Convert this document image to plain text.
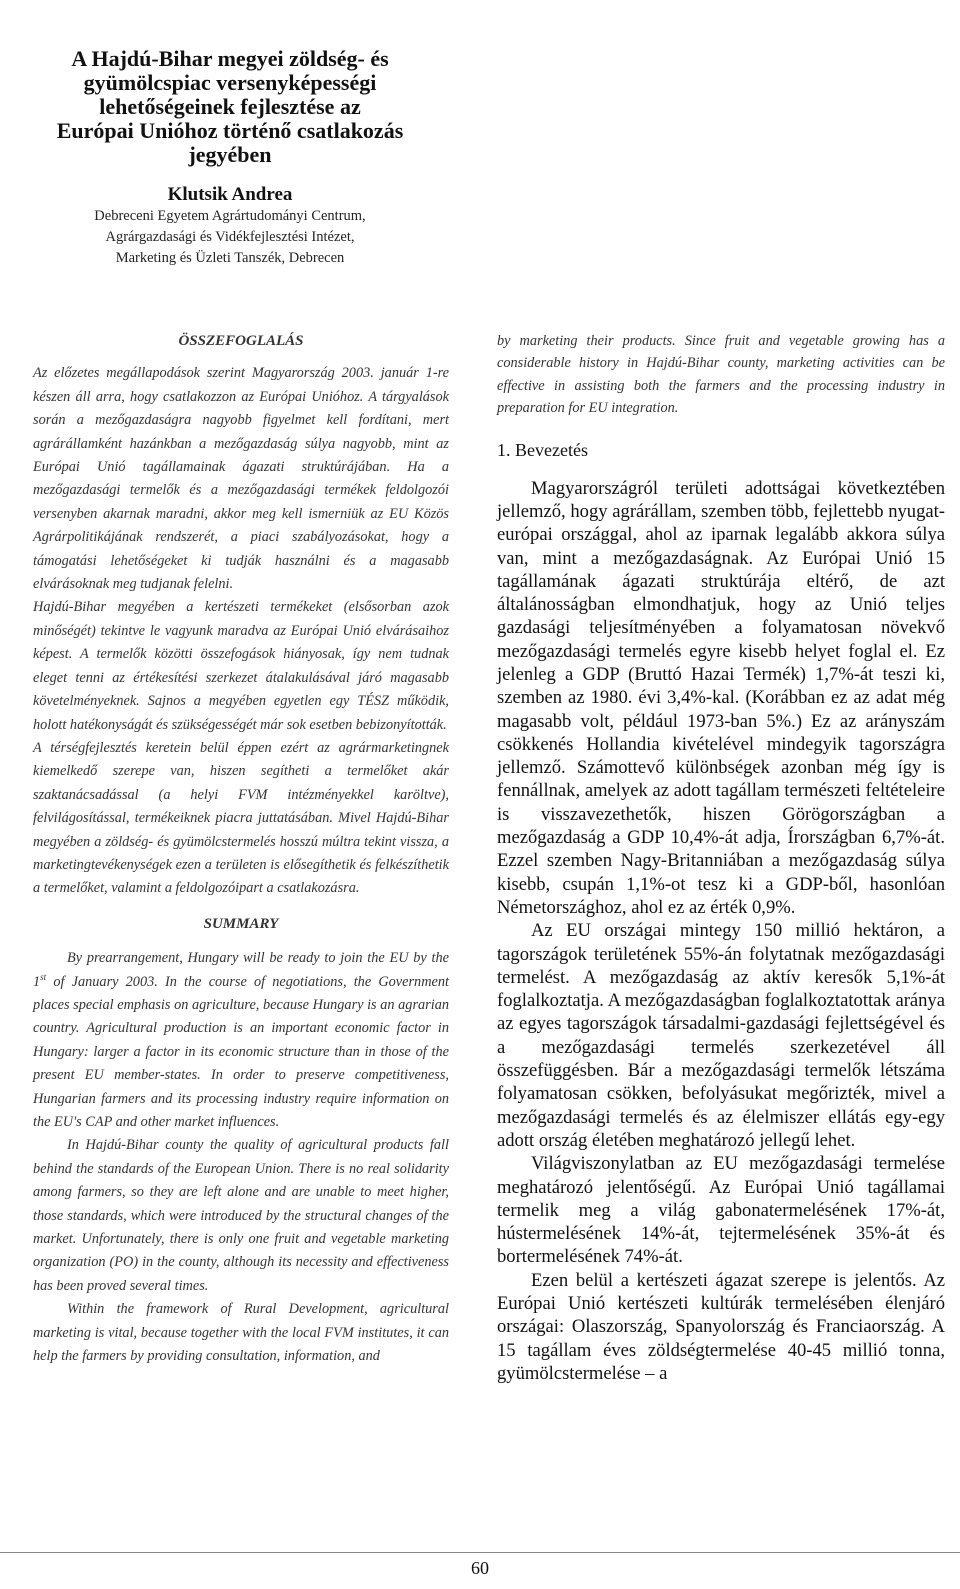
A Hajdú-Bihar megyei zöldség- és
gyümölcspiac versenyképességi
lehetőségeinek fejlesztése az
Európai Unióhoz történő csatlakozás
jegyében
Klutsik Andrea
Debreceni Egyetem Agrártudományi Centrum,
Agrárgazdasági és Vidékfejlesztési Intézet,
Marketing és Üzleti Tanszék, Debrecen
ÖSSZEFOGLALÁS

Az előzetes megállapodások szerint Magyarország 2003. január 1-re készen áll arra, hogy csatlakozzon az Európai Unióhoz. A tárgyalások során a mezőgazdaságra nagyobb figyelmet kell fordítani, mert agrárállamként hazánkban a mezőgazdaság súlya nagyobb, mint az Európai Unió tagállamainak ágazati struktúrájában. Ha a mezőgazdasági termelők és a mezőgazdasági termékek feldolgozói versenyben akarnak maradni, akkor meg kell ismerniük az EU Közös Agrárpolitikájának rendszerét, a piaci szabályozásokat, hogy a támogatási lehetőségeket ki tudják használni és a magasabb elvárásoknak meg tudjanak felelni.

Hajdú-Bihar megyében a kertészeti termékeket (elsősorban azok minőségét) tekintve le vagyunk maradva az Európai Unió elvárásaihoz képest. A termelők közötti összefogások hiányosak, így nem tudnak eleget tenni az értékesítési szerkezet átalakulásával járó magasabb követelményeknek. Sajnos a megyében egyetlen egy TÉSZ működik, holott hatékonyságát és szükségességét már sok esetben bebizonyították.

A térségfejlesztés keretein belül éppen ezért az agrármarketingnek kiemelkedő szerepe van, hiszen segítheti a termelőket akár szaktanácsadással (a helyi FVM intézményekkel karöltve), felvilágosítással, termékeiknek piacra juttatásában. Mivel Hajdú-Bihar megyében a zöldség- és gyümölcstermelés hosszú múltra tekint vissza, a marketingtevékenységek ezen a területen is elősegíthetik és felkészíthetik a termelőket, valamint a feldolgozóipart a csatlakozásra.

SUMMARY

By prearrangement, Hungary will be ready to join the EU by the 1st of January 2003. In the course of negotiations, the Government places special emphasis on agriculture, because Hungary is an agrarian country. Agricultural production is an important economic factor in Hungary: larger a factor in its economic structure than in those of the present EU member-states. In order to preserve competitiveness, Hungarian farmers and its processing industry require information on the EU's CAP and other market influences.

In Hajdú-Bihar county the quality of agricultural products fall behind the standards of the European Union. There is no real solidarity among farmers, so they are left alone and are unable to meet higher, those standards, which were introduced by the structural changes of the market. Unfortunately, there is only one fruit and vegetable marketing organization (PO) in the county, although its necessity and effectiveness has been proved several times.

Within the framework of Rural Development, agricultural marketing is vital, because together with the local FVM institutes, it can help the farmers by providing consultation, information, and

by marketing their products. Since fruit and vegetable growing has a considerable history in Hajdú-Bihar county, marketing activities can be effective in assisting both the farmers and the processing industry in preparation for EU integration.

1. Bevezetés

Magyarországról területi adottságai következtében jellemző, hogy agrárállam, szemben több, fejlettebb nyugat-európai országgal, ahol az iparnak legalább akkora súlya van, mint a mezőgazdaságnak. Az Európai Unió 15 tagállamának ágazati struktúrája eltérő, de azt általánosságban elmondhatjuk, hogy az Unió teljes gazdasági teljesítményében a folyamatosan növekvő mezőgazdasági termelés egyre kisebb helyet foglal el. Ez jelenleg a GDP (Bruttó Hazai Termék) 1,7%-át teszi ki, szemben az 1980. évi 3,4%-kal. (Korábban ez az adat még magasabb volt, például 1973-ban 5%.) Ez az arányszám csökkenés Hollandia kivételével mindegyik tagországra jellemző. Számottevő különbségek azonban még így is fennállnak, amelyek az adott tagállam természeti feltételeire is visszavezethetők, hiszen Görögországban a mezőgazdaság a GDP 10,4%-át adja, Írországban 6,7%-át. Ezzel szemben Nagy-Britanniában a mezőgazdaság súlya kisebb, csupán 1,1%-ot tesz ki a GDP-ből, hasonlóan Németországhoz, ahol ez az érték 0,9%.

Az EU országai mintegy 150 millió hektáron, a tagországok területének 55%-án folytatnak mezőgazdasági termelést. A mezőgazdaság az aktív keresők 5,1%-át foglalkoztatja. A mezőgazdaságban foglalkoztatottak aránya az egyes tagországok társadalmi-gazdasági fejlettségével és a mezőgazdasági termelés szerkezetével áll összefüggésben. Bár a mezőgazdasági termelők létszáma folyamatosan csökken, befolyásukat megőrizték, mivel a mezőgazdasági termelés és az élelmiszer ellátás egy-egy adott ország életében meghatározó jellegű lehet.

Világviszonylatban az EU mezőgazdasági termelése meghatározó jelentőségű. Az Európai Unió tagállamai termelik meg a világ gabonatermelésének 17%-át, hústermelésének 14%-át, tejtermelésének 35%-át és bortermelésének 74%-át.

Ezen belül a kertészeti ágazat szerepe is jelentős. Az Európai Unió kertészeti kultúrák termelésében élenjáró országai: Olaszország, Spanyolország és Franciaország. A 15 tagállam éves zöldségtermelése 40-45 millió tonna, gyümölcstermelése – a

60
